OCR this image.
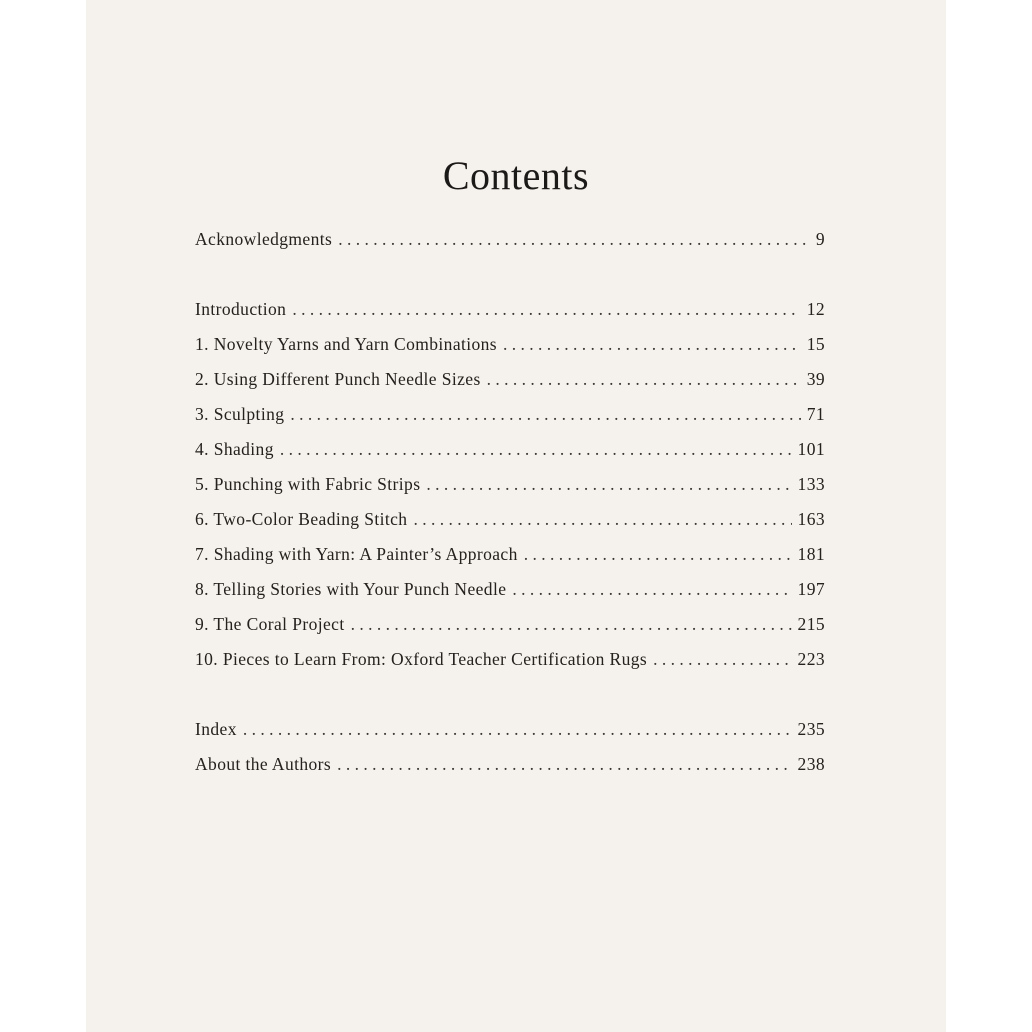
Contents
Acknowledgments . . .	9
Introduction . . .	12
1. Novelty Yarns and Yarn Combinations . . .	15
2. Using Different Punch Needle Sizes . . .	39
3. Sculpting . . .	71
4. Shading . . .	101
5. Punching with Fabric Strips . . .	133
6. Two-Color Beading Stitch . . .	163
7. Shading with Yarn: A Painter’s Approach . . .	181
8. Telling Stories with Your Punch Needle . . .	197
9. The Coral Project . . .	215
10. Pieces to Learn From: Oxford Teacher Certification Rugs . . .	223
Index . . .	235
About the Authors . . .	238
